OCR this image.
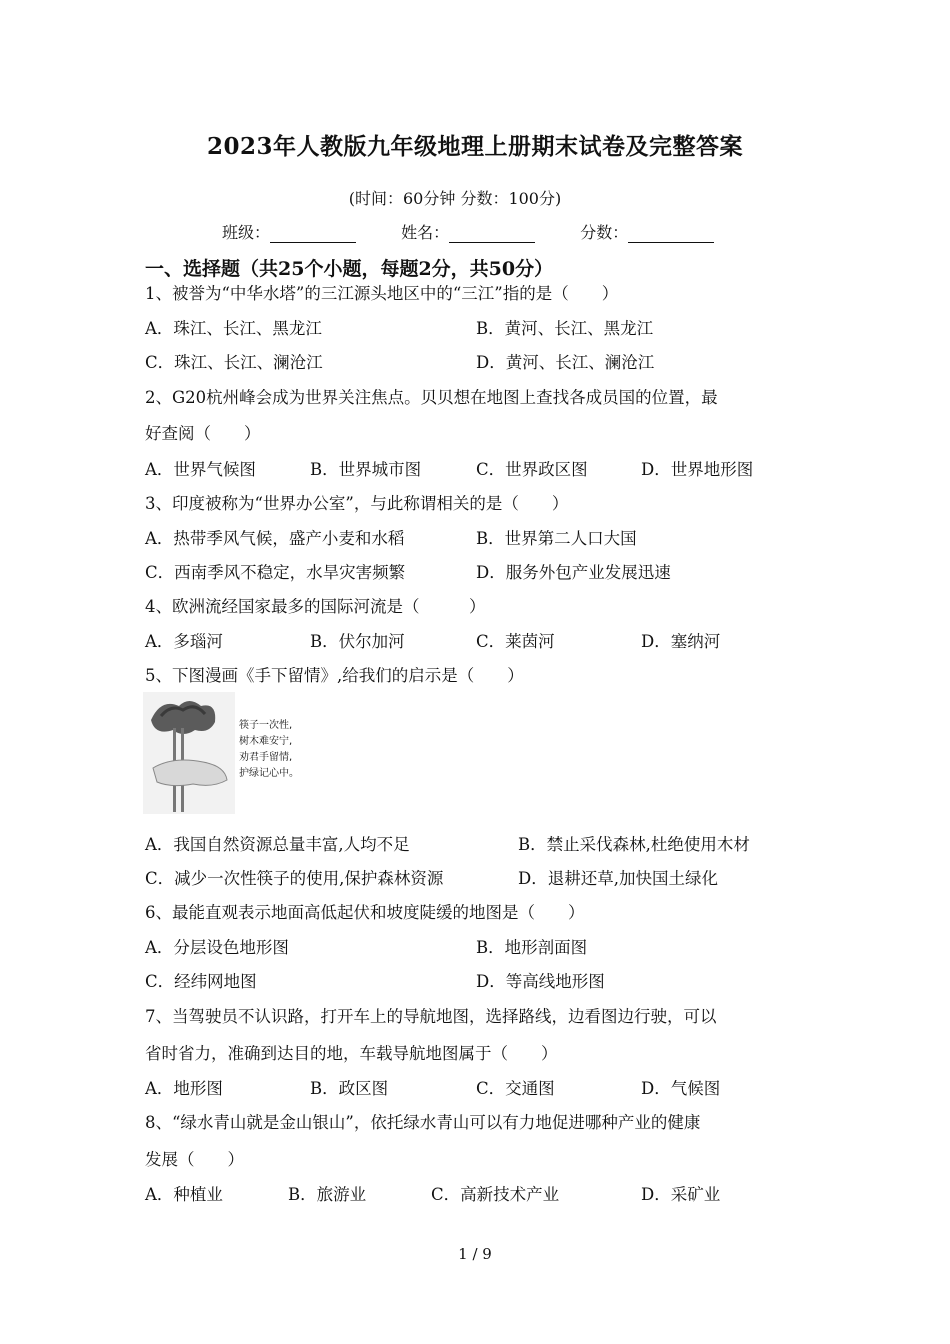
2023年人教版九年级地理上册期末试卷及完整答案
(时间：60分钟 分数：100分)
班级：	姓名：	分数：
一、选择题（共25个小题，每题2分，共50分）
1、被誉为“中华水塔”的三江源头地区中的“三江”指的是（　　）
A．珠江、长江、黑龙江	B．黄河、长江、黑龙江
C．珠江、长江、澜沧江	D．黄河、长江、澜沧江
2、G20杭州峰会成为世界关注焦点。贝贝想在地图上查找各成员国的位置，最
好查阅（　　）
A．世界气候图	B．世界城市图	C．世界政区图	D．世界地形图
3、印度被称为“世界办公室”，与此称谓相关的是（　　）
A．热带季风气候，盛产小麦和水稻	B．世界第二人口大国
C．西南季风不稳定，水旱灾害频繁	D．服务外包产业发展迅速
4、欧洲流经国家最多的国际河流是（　　　）
A．多瑙河	B．伏尔加河	C．莱茵河	D．塞纳河
5、下图漫画《手下留情》,给我们的启示是（　　）
筷子一次性,
树木难安宁,
劝君手留情,
护绿记心中。
A．我国自然资源总量丰富,人均不足	B．禁止采伐森林,杜绝使用木材
C．减少一次性筷子的使用,保护森林资源	D．退耕还草,加快国土绿化
6、最能直观表示地面高低起伏和坡度陡缓的地图是（　　）
A．分层设色地形图	B．地形剖面图
C．经纬网地图	D．等高线地形图
7、当驾驶员不认识路，打开车上的导航地图，选择路线，边看图边行驶，可以
省时省力，准确到达目的地，车载导航地图属于（　　）
A．地形图	B．政区图	C．交通图	D．气候图
8、“绿水青山就是金山银山”，依托绿水青山可以有力地促进哪种产业的健康
发展（　　）
A．种植业	B．旅游业	C．高新技术产业	D．采矿业
1 / 9
